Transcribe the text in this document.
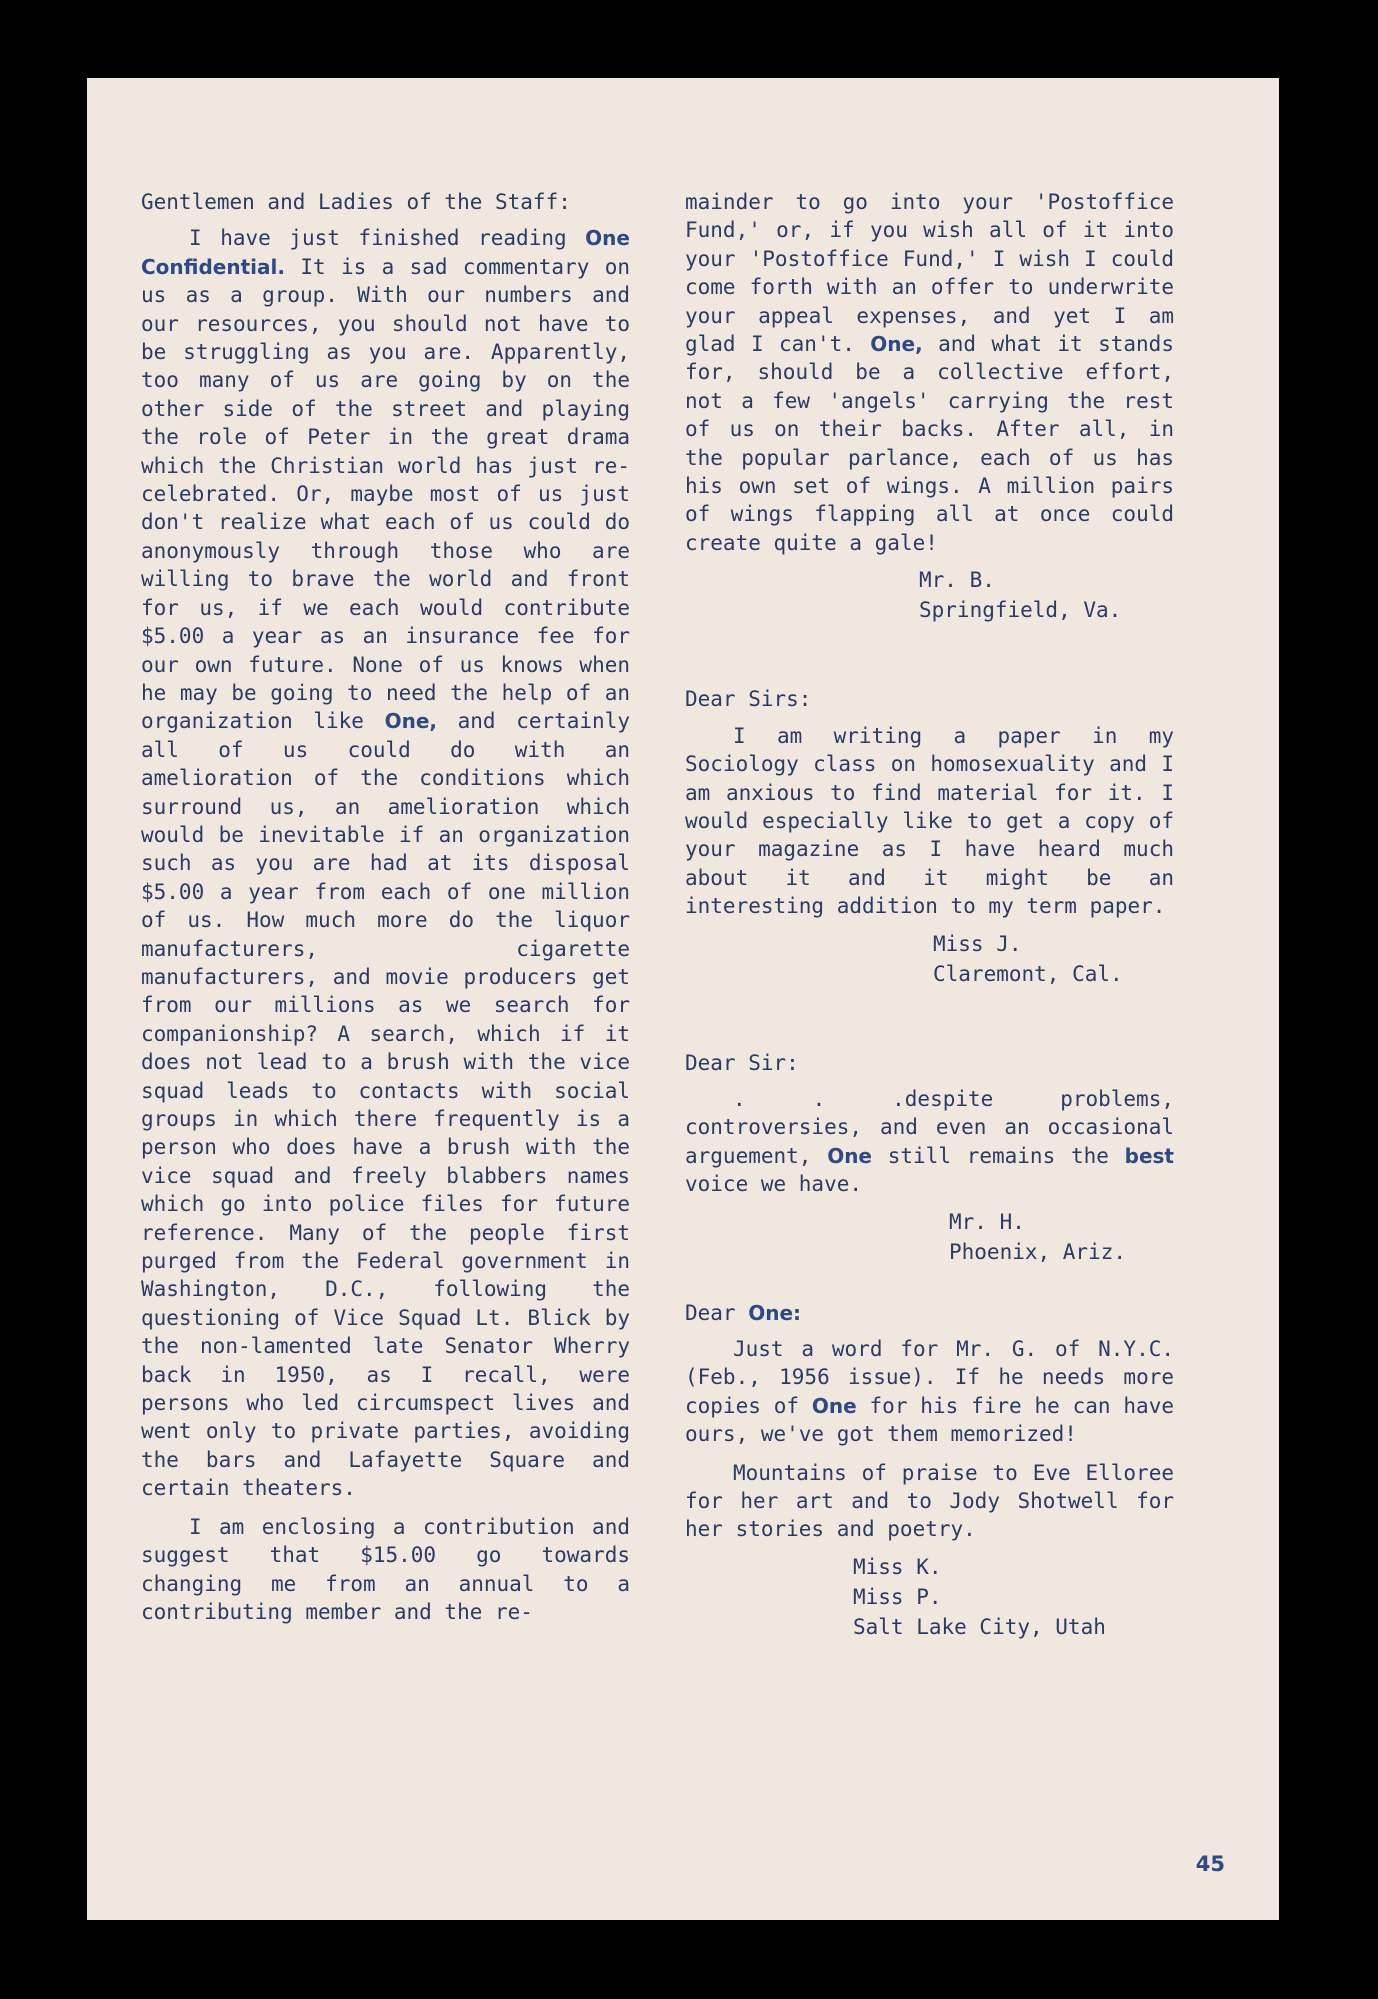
Gentlemen and Ladies of the Staff:

I have just finished reading One Confidential. It is a sad commentary on us as a group. With our numbers and our resources, you should not have to be struggling as you are. Apparently, too many of us are going by on the other side of the street and playing the role of Peter in the great drama which the Christian world has just re-celebrated. Or, maybe most of us just don't realize what each of us could do anonymously through those who are willing to brave the world and front for us, if we each would contribute $5.00 a year as an insurance fee for our own future. None of us knows when he may be going to need the help of an organization like One, and certainly all of us could do with an amelioration of the conditions which surround us, an amelioration which would be inevitable if an organization such as you are had at its disposal $5.00 a year from each of one million of us. How much more do the liquor manufacturers, cigarette manufacturers, and movie producers get from our millions as we search for companionship? A search, which if it does not lead to a brush with the vice squad leads to contacts with social groups in which there frequently is a person who does have a brush with the vice squad and freely blabbers names which go into police files for future reference. Many of the people first purged from the Federal government in Washington, D.C., following the questioning of Vice Squad Lt. Blick by the non-lamented late Senator Wherry back in 1950, as I recall, were persons who led circumspect lives and went only to private parties, avoiding the bars and Lafayette Square and certain theaters.

I am enclosing a contribution and suggest that $15.00 go towards changing me from an annual to a contributing member and the re-

mainder to go into your 'Postoffice Fund,' or, if you wish all of it into your 'Postoffice Fund,' I wish I could come forth with an offer to underwrite your appeal expenses, and yet I am glad I can't. One, and what it stands for, should be a collective effort, not a few 'angels' carrying the rest of us on their backs. After all, in the popular parlance, each of us has his own set of wings. A million pairs of wings flapping all at once could create quite a gale!

Mr. B.
Springfield, Va.

Dear Sirs:

I am writing a paper in my Sociology class on homosexuality and I am anxious to find material for it. I would especially like to get a copy of your magazine as I have heard much about it and it might be an interesting addition to my term paper.

Miss J.
Claremont, Cal.

Dear Sir:

. . .despite problems, controversies, and even an occasional arguement, One still remains the best voice we have.

Mr. H.
Phoenix, Ariz.

Dear One:

Just a word for Mr. G. of N.Y.C. (Feb., 1956 issue). If he needs more copies of One for his fire he can have ours, we've got them memorized!

Mountains of praise to Eve Elloree for her art and to Jody Shotwell for her stories and poetry.

Miss K.
Miss P.
Salt Lake City, Utah
45
